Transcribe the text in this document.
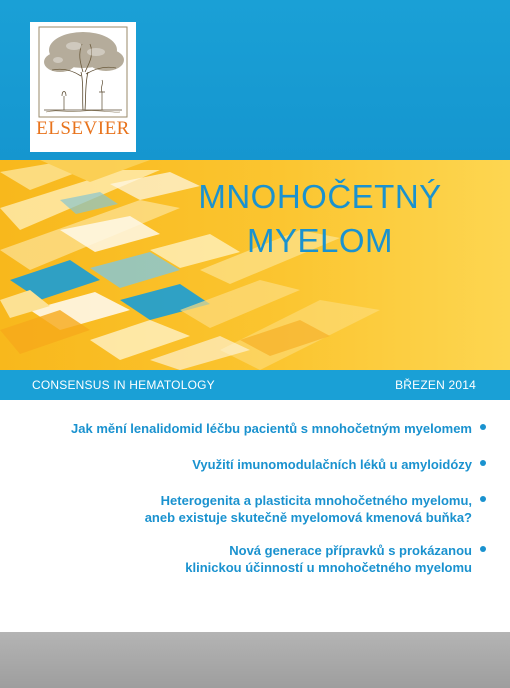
ELSEVIER
MNOHOČETNÝ
MYELOM
CONSENSUS IN HEMATOLOGY	BŘEZEN 2014
Jak mění lenalidomid léčbu pacientů s mnohočetným myelomem
Využití imunomodulačních léků u amyloidózy
Heterogenita a plasticita mnohočetného myelomu,
aneb existuje skutečně myelomová kmenová buňka?
Nová generace přípravků s prokázanou
klinickou účinností u mnohočetného myelomu
